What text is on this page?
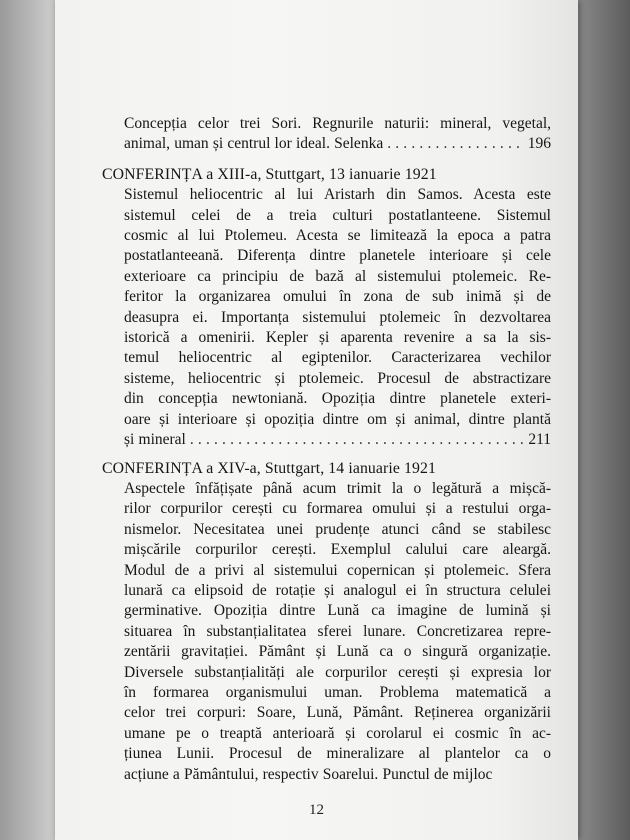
Concepția celor trei Sori. Regnurile naturii: mineral, vegetal,
animal, uman și centrul lor ideal. Selenka . . .	196
CONFERINȚA a XIII-a, Stuttgart, 13 ianuarie 1921
Sistemul heliocentric al lui Aristarh din Samos. Acesta este
sistemul celei de a treia culturi postatlanteene. Sistemul
cosmic al lui Ptolemeu. Acesta se limitează la epoca a patra
postatlanteeană. Diferența dintre planetele interioare și cele
exterioare ca principiu de bază al sistemului ptolemeic. Re-
feritor la organizarea omului în zona de sub inimă și de
deasupra ei. Importanța sistemului ptolemeic în dezvoltarea
istorică a omenirii. Kepler și aparenta revenire a sa la sis-
temul heliocentric al egiptenilor. Caracterizarea vechilor
sisteme, heliocentric și ptolemeic. Procesul de abstractizare
din concepția newtoniană. Opoziția dintre planetele exteri-
oare și interioare și opoziția dintre om și animal, dintre plantă
și mineral . . .	211
CONFERINȚA a XIV-a, Stuttgart, 14 ianuarie 1921
Aspectele înfățișate până acum trimit la o legătură a mișcă-
rilor corpurilor cerești cu formarea omului și a restului orga-
nismelor. Necesitatea unei prudențe atunci când se stabilesc
mișcările corpurilor cerești. Exemplul calului care aleargă.
Modul de a privi al sistemului copernican și ptolemeic. Sfera
lunară ca elipsoid de rotație și analogul ei în structura celulei
germinative. Opoziția dintre Lună ca imagine de lumină și
situarea în substanțialitatea sferei lunare. Concretizarea repre-
zentării gravitației. Pământ și Lună ca o singură organizație.
Diversele substanțialități ale corpurilor cerești și expresia lor
în formarea organismului uman. Problema matematică a
celor trei corpuri: Soare, Lună, Pământ. Reținerea organizării
umane pe o treaptă anterioară și corolarul ei cosmic în ac-
țiunea Lunii. Procesul de mineralizare al plantelor ca o
acțiune a Pământului, respectiv Soarelui. Punctul de mijloc
12
